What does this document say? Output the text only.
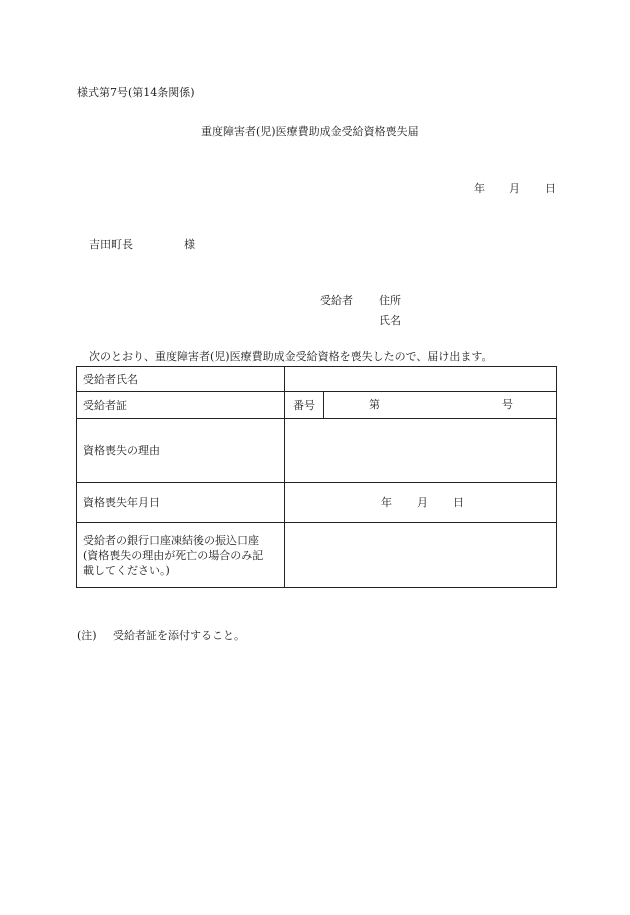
様式第7号(第14条関係)
重度障害者(児)医療費助成金受給資格喪失届
年 月 日
吉田町長	様
受給者 住所
氏名
次のとおり、重度障害者(児)医療費助成金受給資格を喪失したので、届け出ます。
受給者氏名		
受給者証	番号	第 号

資格喪失の理由		
資格喪失年月日	年 月 日	

受給者の銀行口座凍結後の振込口座
(資格喪失の理由が死亡の場合のみ記
載してください。)		

(注) 受給者証を添付すること。
